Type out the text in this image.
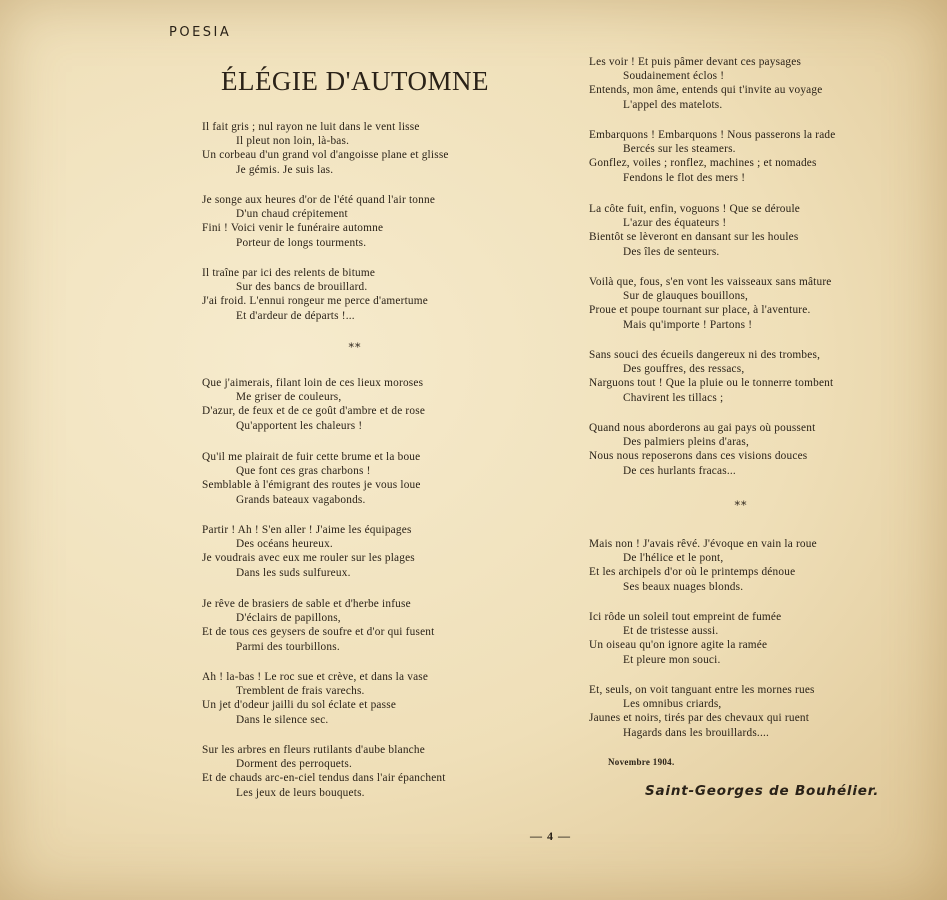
POESIA
ÉLÉGIE D'AUTOMNE
Il fait gris ; nul rayon ne luit dans le vent lisse
Il pleut non loin, là-bas.
Un corbeau d'un grand vol d'angoisse plane et glisse
Je gémis. Je suis las.
Je songe aux heures d'or de l'été quand l'air tonne
D'un chaud crépitement
Fini ! Voici venir le funéraire automne
Porteur de longs tourments.
Il traîne par ici des relents de bitume
Sur des bancs de brouillard.
J'ai froid. L'ennui rongeur me perce d'amertume
Et d'ardeur de départs !...
Que j'aimerais, filant loin de ces lieux moroses
Me griser de couleurs,
D'azur, de feux et de ce goût d'ambre et de rose
Qu'apportent les chaleurs !
Qu'il me plairait de fuir cette brume et la boue
Que font ces gras charbons !
Semblable à l'émigrant des routes je vous loue
Grands bateaux vagabonds.
Partir ! Ah ! S'en aller ! J'aime les équipages
Des océans heureux.
Je voudrais avec eux me rouler sur les plages
Dans les suds sulfureux.
Je rêve de brasiers de sable et d'herbe infuse
D'éclairs de papillons,
Et de tous ces geysers de soufre et d'or qui fusent
Parmi des tourbillons.
Ah ! la-bas ! Le roc sue et crève, et dans la vase
Tremblent de frais varechs.
Un jet d'odeur jailli du sol éclate et passe
Dans le silence sec.
Sur les arbres en fleurs rutilants d'aube blanche
Dorment des perroquets.
Et de chauds arc-en-ciel tendus dans l'air épanchent
Les jeux de leurs bouquets.
Les voir ! Et puis pâmer devant ces paysages
Soudainement éclos !
Entends, mon âme, entends qui t'invite au voyage
L'appel des matelots.
Embarquons ! Embarquons ! Nous passerons la rade
Bercés sur les steamers.
Gonflez, voiles ; ronflez, machines ; et nomades
Fendons le flot des mers !
La côte fuit, enfin, voguons ! Que se déroule
L'azur des équateurs !
Bientôt se lèveront en dansant sur les houles
Des îles de senteurs.
Voilà que, fous, s'en vont les vaisseaux sans mâture
Sur de glauques bouillons,
Proue et poupe tournant sur place, à l'aventure.
Mais qu'importe ! Partons !
Sans souci des écueils dangereux ni des trombes,
Des gouffres, des ressacs,
Narguons tout ! Que la pluie ou le tonnerre tombent
Chavirent les tillacs ;
Quand nous aborderons au gai pays où poussent
Des palmiers pleins d'aras,
Nous nous reposerons dans ces visions douces
De ces hurlants fracas...
Mais non ! J'avais rêvé. J'évoque en vain la roue
De l'hélice et le pont,
Et les archipels d'or où le printemps dénoue
Ses beaux nuages blonds.
Ici rôde un soleil tout empreint de fumée
Et de tristesse aussi.
Un oiseau qu'on ignore agite la ramée
Et pleure mon souci.
Et, seuls, on voit tanguant entre les mornes rues
Les omnibus criards,
Jaunes et noirs, tirés par des chevaux qui ruent
Hagards dans les brouillards....
**
**
Novembre 1904.
Saint-Georges de Bouhélier.
— 4 —
